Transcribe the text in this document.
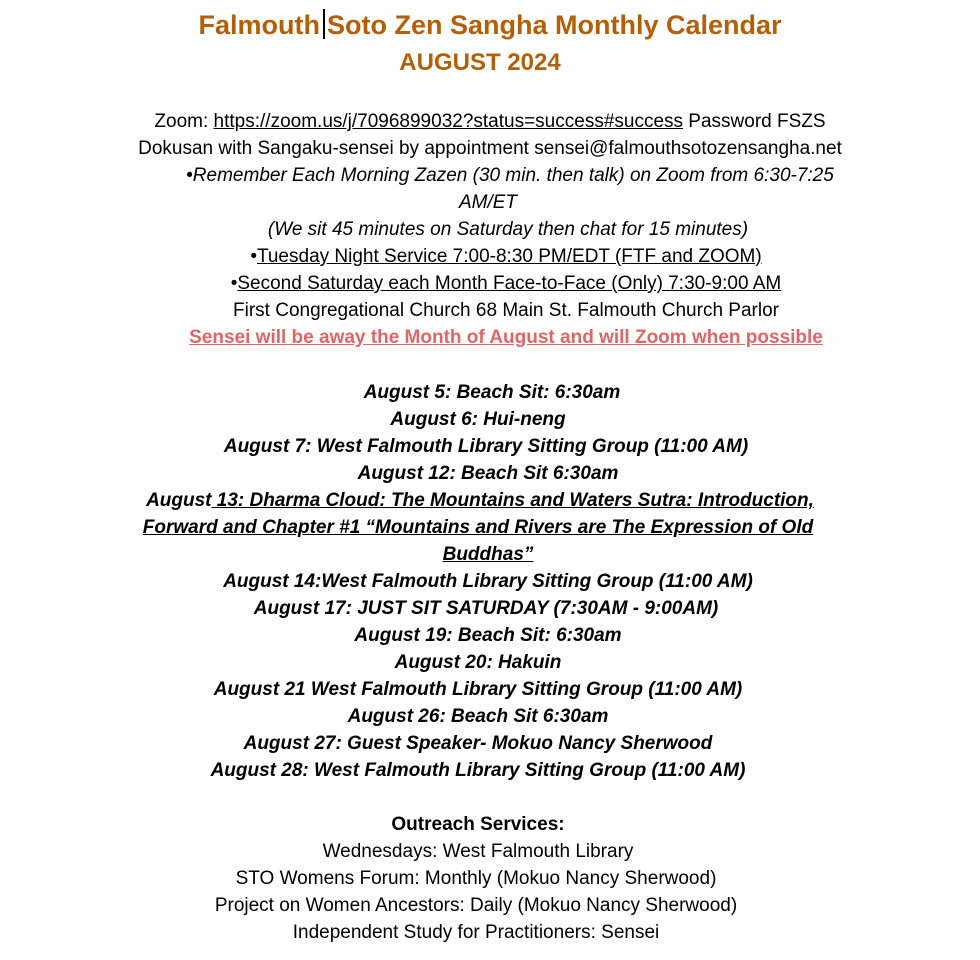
Falmouth Soto Zen Sangha Monthly Calendar
AUGUST 2024
Zoom: https://zoom.us/j/7096899032?status=success#success Password FSZS
Dokusan with Sangaku-sensei by appointment sensei@falmouthsotozensangha.net
•Remember Each Morning Zazen (30 min. then talk) on Zoom from 6:30-7:25
AM/ET
(We sit 45 minutes on Saturday then chat for 15 minutes)
•Tuesday Night Service 7:00-8:30 PM/EDT (FTF and ZOOM)
•Second Saturday each Month Face-to-Face (Only) 7:30-9:00 AM
First Congregational Church 68 Main St. Falmouth Church Parlor
Sensei will be away the Month of August and will Zoom when possible
August 5: Beach Sit: 6:30am
August 6: Hui-neng
August 7: West Falmouth Library Sitting Group (11:00 AM)
August 12: Beach Sit 6:30am
August 13: Dharma Cloud: The Mountains and Waters Sutra: Introduction,
Forward and Chapter #1 “Mountains and Rivers are The Expression of Old
Buddhas”
August 14:West Falmouth Library Sitting Group (11:00 AM)
August 17: JUST SIT SATURDAY (7:30AM - 9:00AM)
August 19: Beach Sit: 6:30am
August 20: Hakuin
August 21 West Falmouth Library Sitting Group (11:00 AM)
August 26: Beach Sit 6:30am
August 27: Guest Speaker- Mokuo Nancy Sherwood
August 28: West Falmouth Library Sitting Group (11:00 AM)
Outreach Services:
Wednesdays: West Falmouth Library
STO Womens Forum: Monthly (Mokuo Nancy Sherwood)
Project on Women Ancestors: Daily (Mokuo Nancy Sherwood)
Independent Study for Practitioners: Sensei
